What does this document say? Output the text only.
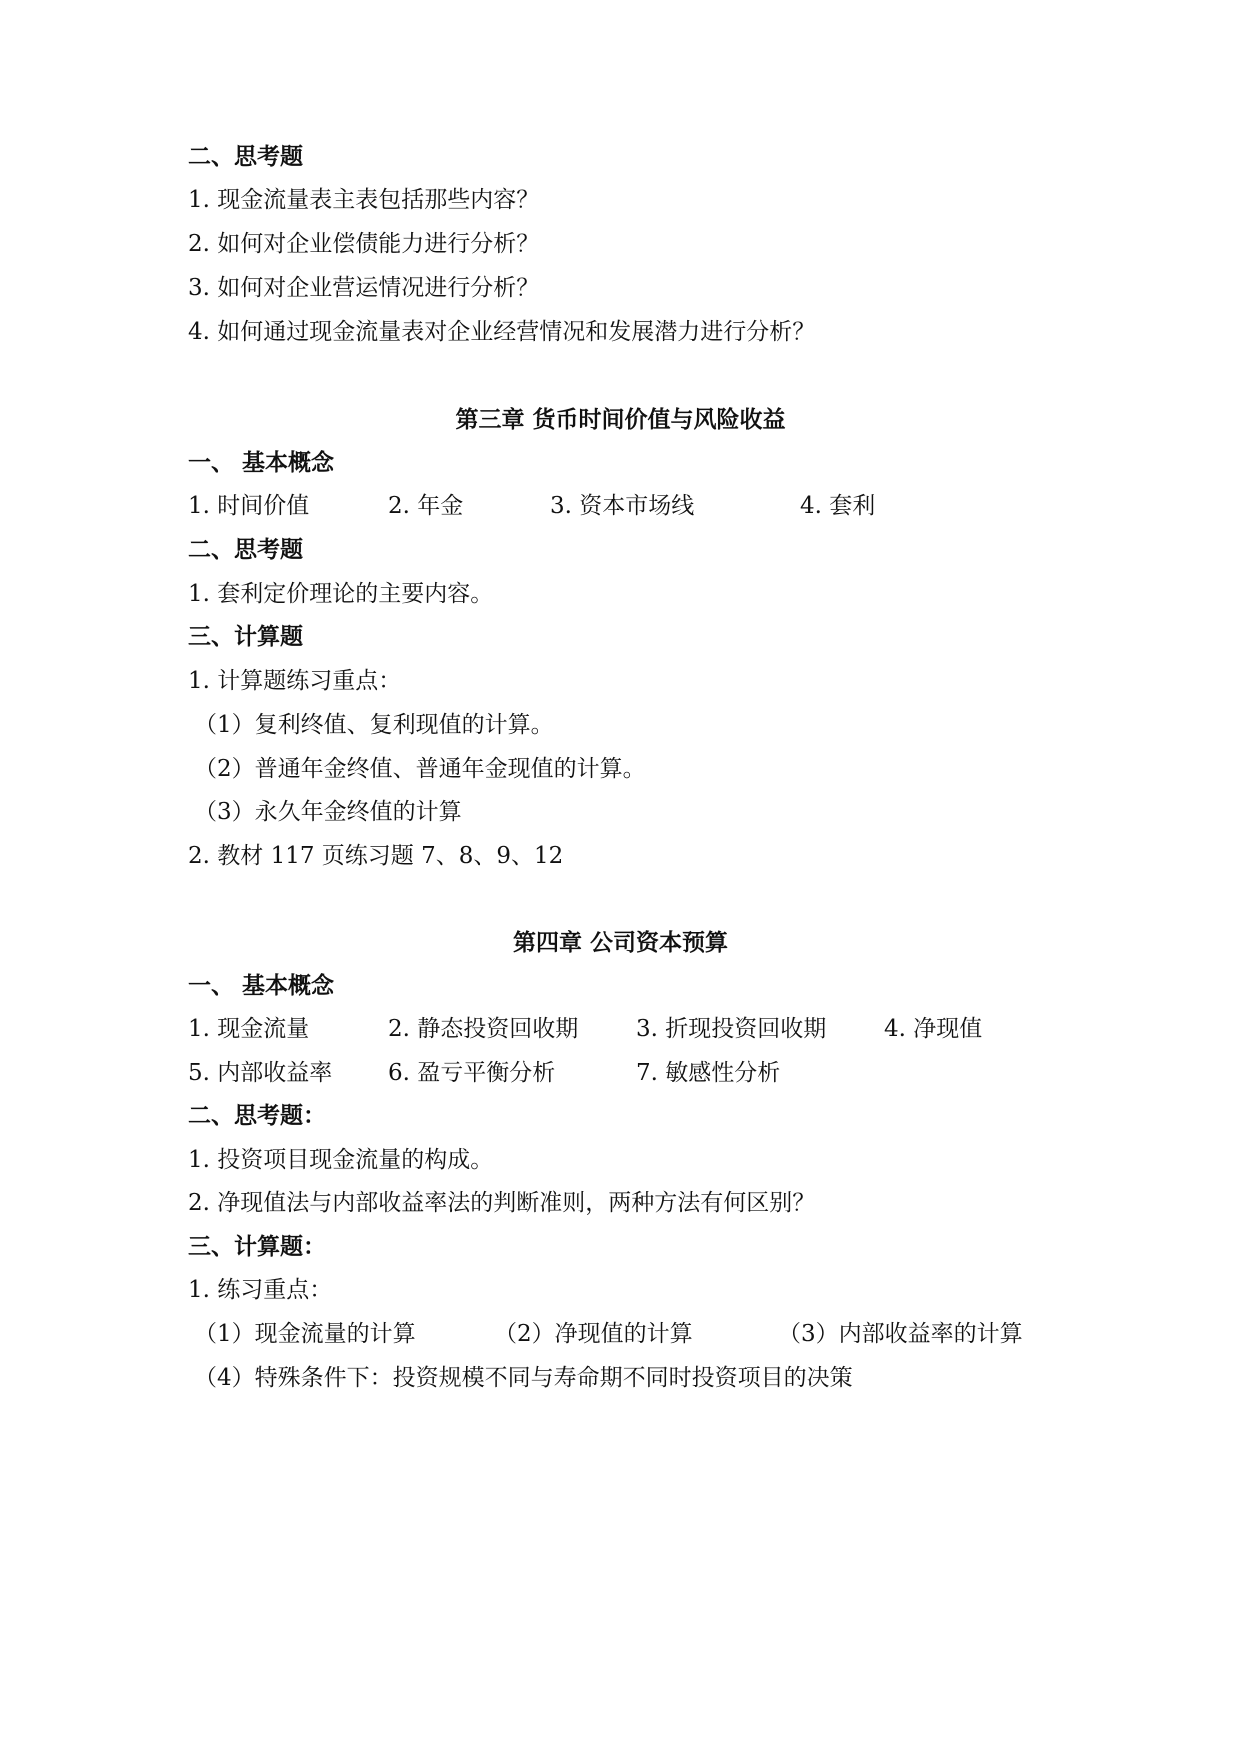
二、思考题
1. 现金流量表主表包括那些内容？
2. 如何对企业偿债能力进行分析？
3. 如何对企业营运情况进行分析？
4. 如何通过现金流量表对企业经营情况和发展潜力进行分析？
第三章 货币时间价值与风险收益
一、 基本概念
1. 时间价值	2. 年金	3. 资本市场线	4. 套利
二、思考题
1. 套利定价理论的主要内容。
三、计算题
1. 计算题练习重点：
（1）复利终值、复利现值的计算。
（2）普通年金终值、普通年金现值的计算。
（3）永久年金终值的计算
2. 教材 117 页练习题 7、8、9、12
第四章 公司资本预算
一、 基本概念
1. 现金流量	2. 静态投资回收期	3. 折现投资回收期	4. 净现值
5. 内部收益率 6. 盈亏平衡分析	7. 敏感性分析
二、思考题：
1. 投资项目现金流量的构成。
2. 净现值法与内部收益率法的判断准则，两种方法有何区别？
三、计算题：
1. 练习重点：
（1）现金流量的计算	（2）净现值的计算	（3）内部收益率的计算
（4）特殊条件下：投资规模不同与寿命期不同时投资项目的决策
